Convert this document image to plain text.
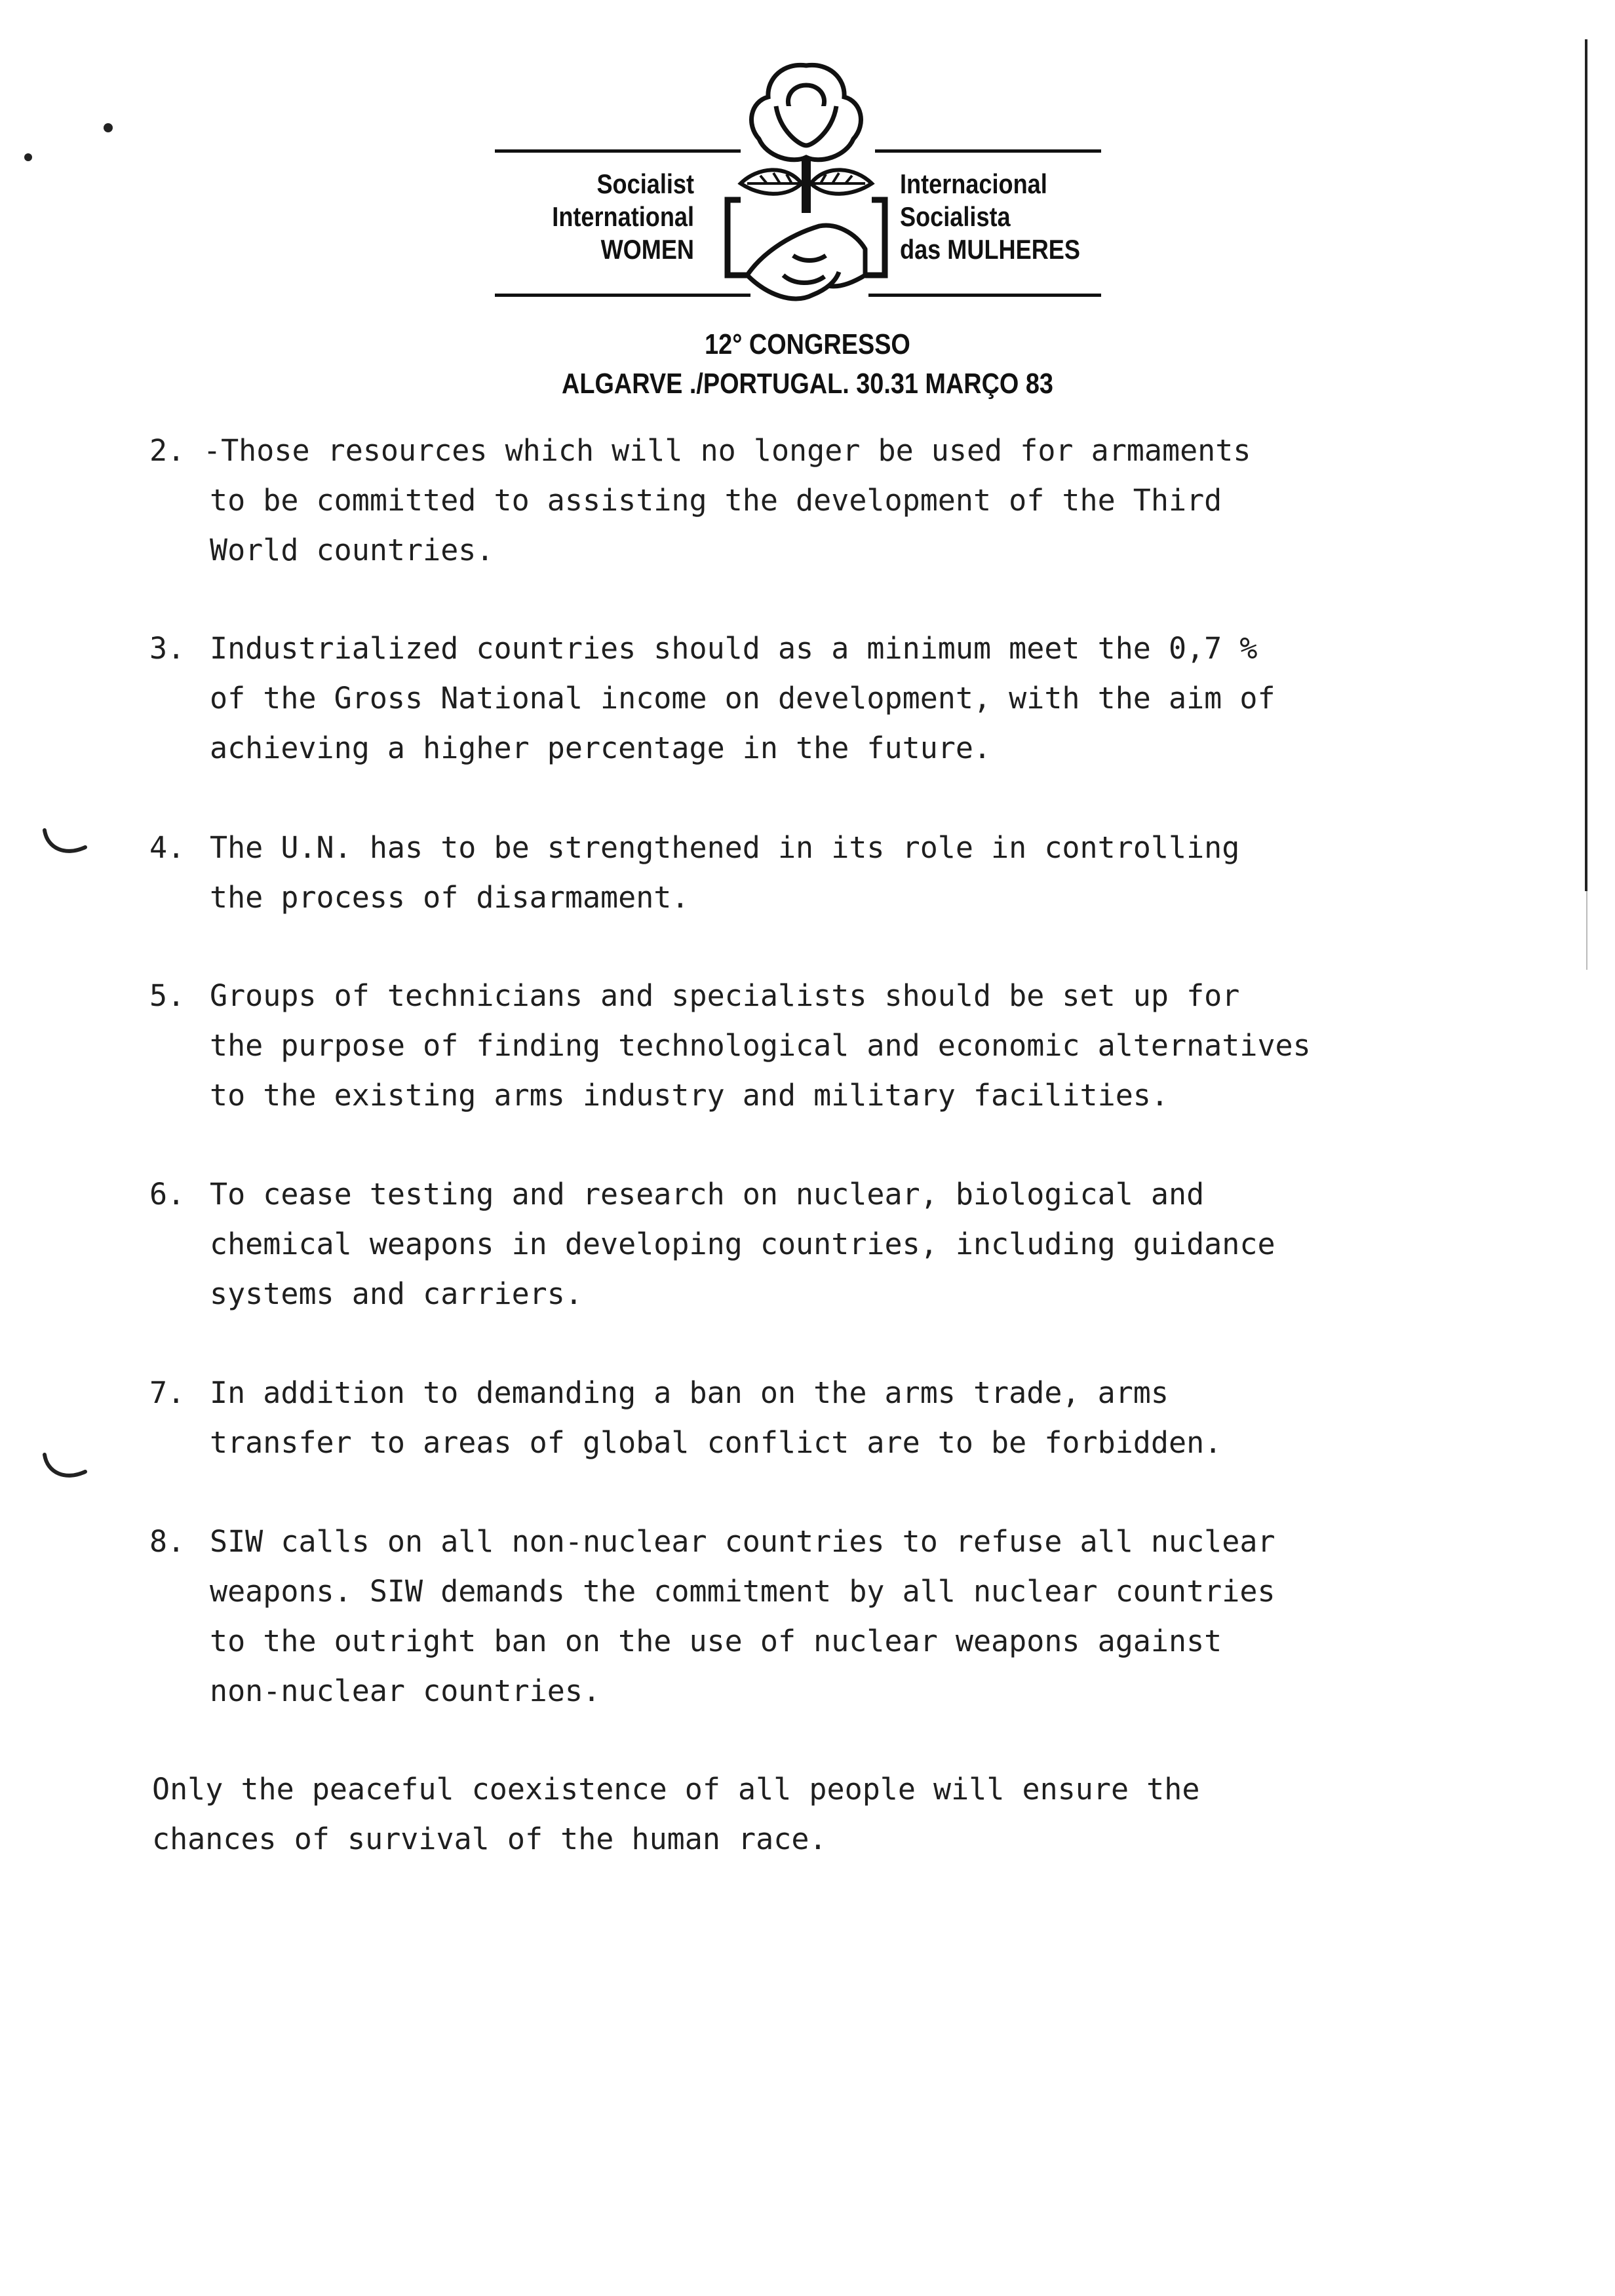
Socialist
International
WOMEN
Internacional
Socialista
das MULHERES
12° CONGRESSO
ALGARVE ./PORTUGAL. 30.31 MARÇO 83

2.

-Those resources which will no longer be used for armaments

to be committed to assisting the development of the Third

World countries.

3.

Industrialized countries should as a minimum meet the 0,7 %

of the Gross National income on development, with the aim of

achieving a higher percentage in the future.

4.

The U.N. has to be strengthened in its role in controlling

the process of disarmament.

5.

Groups of technicians and specialists should be set up for

the purpose of finding technological and economic alternatives

to the existing arms industry and military facilities.

6.

To cease testing and research on nuclear, biological and

chemical weapons in developing countries, including guidance

systems and carriers.

7.

In addition to demanding a ban on the arms trade, arms

transfer to areas of global conflict are to be forbidden.

8.

SIW calls on all non-nuclear countries to refuse all nuclear

weapons. SIW demands the commitment by all nuclear countries

to the outright ban on the use of nuclear weapons against

non-nuclear countries.

Only the peaceful coexistence of all people will ensure the

chances of survival of the human race.
